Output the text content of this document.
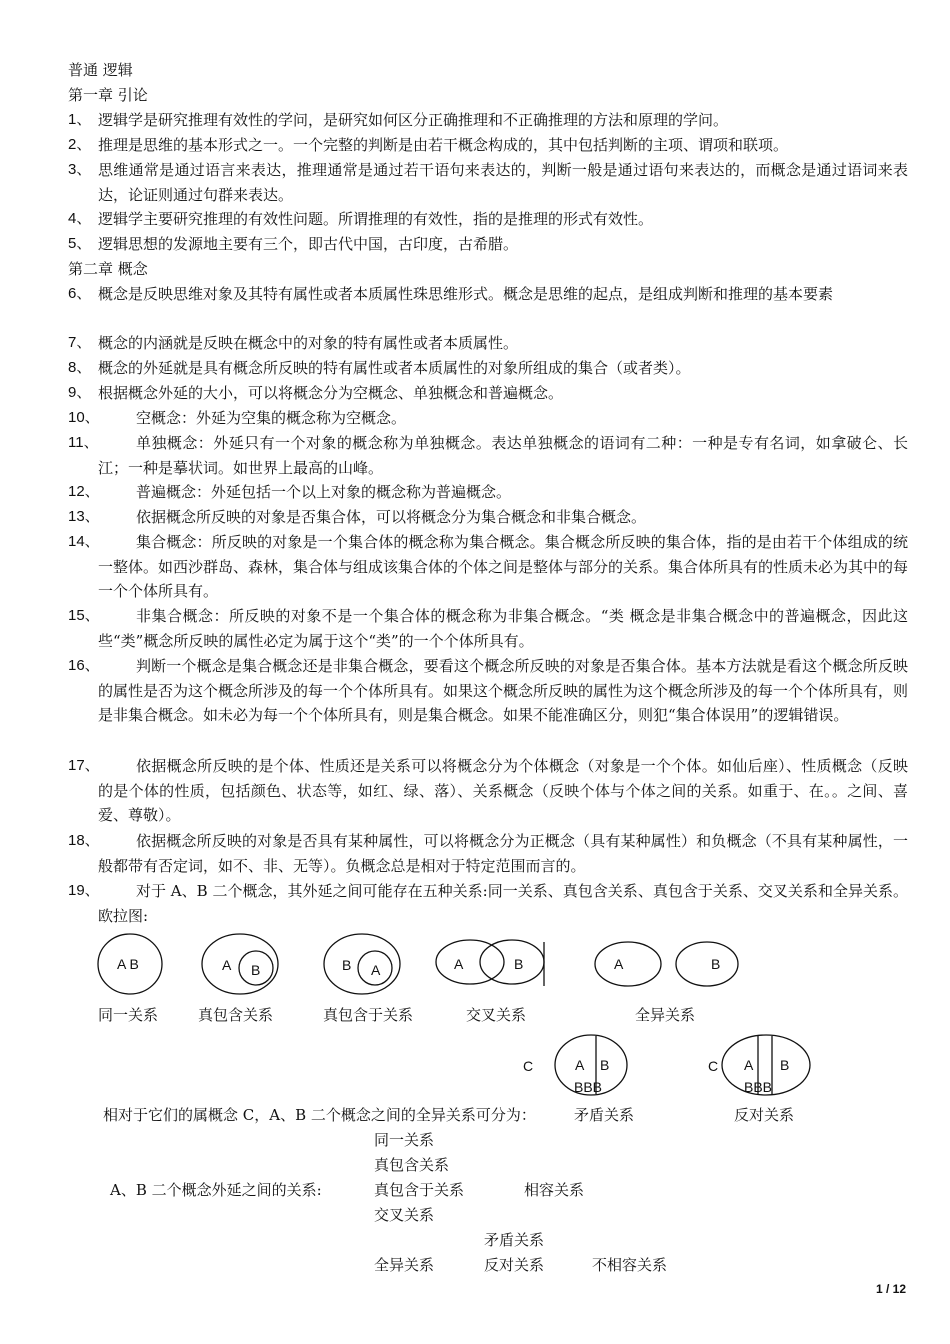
普通 逻辑
第一章 引论
1、 逻辑学是研究推理有效性的学问，是研究如何区分正确推理和不正确推理的方法和原理的学问。
2、 推理是思维的基本形式之一。一个完整的判断是由若干概念构成的，其中包括判断的主项、谓项和联项。
3、 思维通常是通过语言来表达，推理通常是通过若干语句来表达的，判断一般是通过语句来表达的，而概念是通过语词来表达，论证则通过句群来表达。
4、 逻辑学主要研究推理的有效性问题。所谓推理的有效性，指的是推理的形式有效性。
5、 逻辑思想的发源地主要有三个，即古代中国，古印度，古希腊。
第二章 概念
6、 概念是反映思维对象及其特有属性或者本质属性珠思维形式。概念是思维的起点，是组成判断和推理的基本要素
7、 概念的内涵就是反映在概念中的对象的特有属性或者本质属性。
8、 概念的外延就是具有概念所反映的特有属性或者本质属性的对象所组成的集合（或者类）。
9、 根据概念外延的大小，可以将概念分为空概念、单独概念和普遍概念。
10、	空概念：外延为空集的概念称为空概念。
11、	单独概念：外延只有一个对象的概念称为单独概念。表达单独概念的语词有二种：一种是专有名词，如拿破仑、长江；一种是摹状词。如世界上最高的山峰。
12、	普遍概念：外延包括一个以上对象的概念称为普遍概念。
13、	依据概念所反映的对象是否集合体，可以将概念分为集合概念和非集合概念。
14、	集合概念：所反映的对象是一个集合体的概念称为集合概念。集合概念所反映的集合体，指的是由若干个体组成的统一整体。如西沙群岛、森林，集合体与组成该集合体的个体之间是整体与部分的关系。集合体所具有的性质未必为其中的每一个个体所具有。
15、	非集合概念：所反映的对象不是一个集合体的概念称为非集合概念。“类 概念是非集合概念中的普遍概念，因此这些“类”概念所反映的属性必定为属于这个“类”的一个个体所具有。
16、	判断一个概念是集合概念还是非集合概念，要看这个概念所反映的对象是否集合体。基本方法就是看这个概念所反映的属性是否为这个概念所涉及的每一个个体所具有。如果这个概念所反映的属性为这个概念所涉及的每一个个体所具有，则是非集合概念。如未必为每一个个体所具有，则是集合概念。如果不能准确区分，则犯“集合体误用”的逻辑错误。
17、	依据概念所反映的是个体、性质还是关系可以将概念分为个体概念（对象是一个个体。如仙后座）、性质概念（反映的是个体的性质，包括颜色、状态等，如红、绿、落）、关系概念（反映个体与个体之间的关系。如重于、在。。之间、喜爱、尊敬）。
18、	依据概念所反映的对象是否具有某种属性，可以将概念分为正概念（具有某种属性）和负概念（不具有某种属性，一般都带有否定词，如不、非、无等）。负概念总是相对于特定范围而言的。
19、	对于 A、B 二个概念，其外延之间可能存在五种关系:同一关系、真包含关系、真包含于关系、交叉关系和全异关系。欧拉图:
A B	A B	B A	A	B	A	B
C	A B
BBB
C A B
BBB
同一关系	真包含关系	真包含于关系	交叉关系	全异关系
相对于它们的属概念 C，A、B 二个概念之间的全异关系可分为：	矛盾关系	反对关系
同一关系
真包含关系
A、B 二个概念外延之间的关系:	真包含于关系	相容关系
交叉关系
矛盾关系
全异关系	反对关系	不相容关系
1 / 12
